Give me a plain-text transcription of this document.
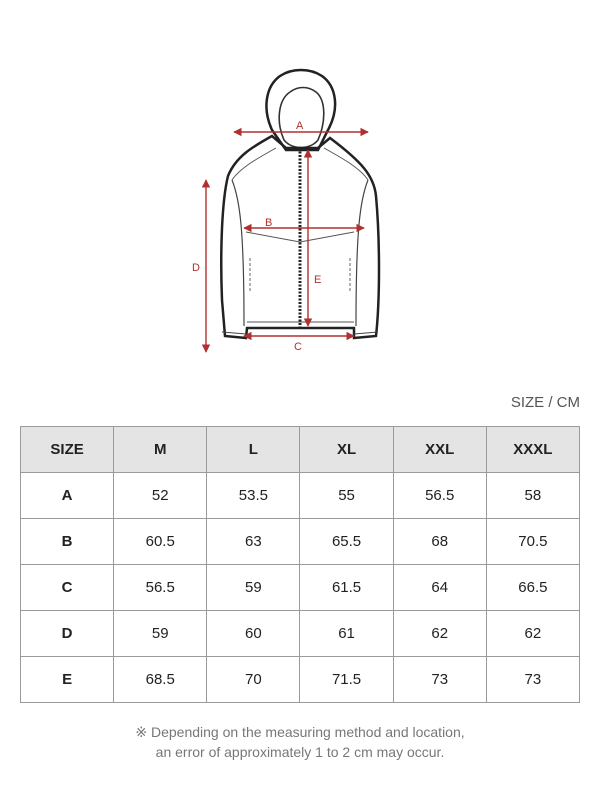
A
B
C
D
E
SIZE / CM
SIZE	M	L	XL	XXL	XXXL
A	52	53.5	55	56.5	58
B	60.5	63	65.5	68	70.5
C	56.5	59	61.5	64	66.5
D	59	60	61	62	62
E	68.5	70	71.5	73	73
※ Depending on the measuring method and location,
an error of approximately 1 to 2 cm may occur.
